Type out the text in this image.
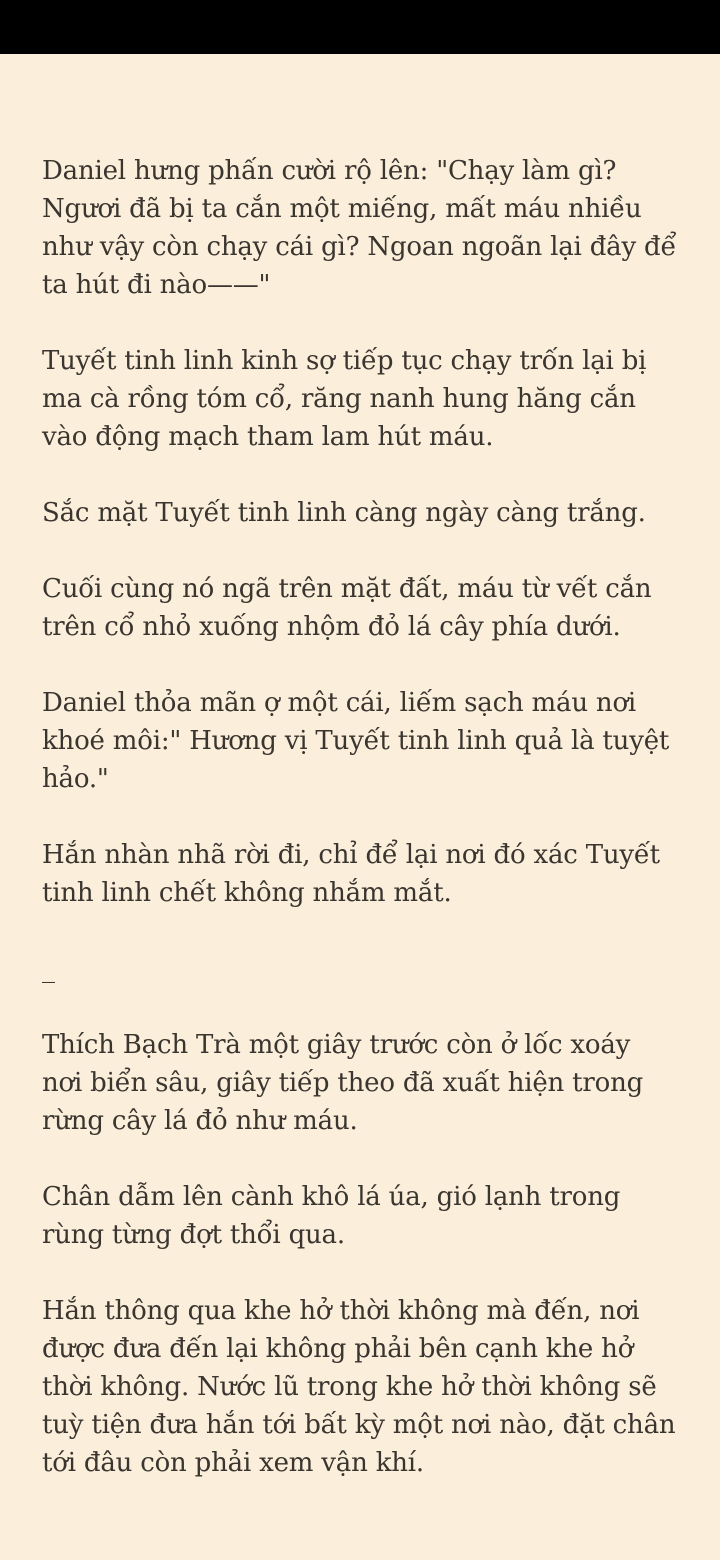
Daniel hưng phấn cười rộ lên: "Chạy làm gì? Ngươi đã bị ta cắn một miếng, mất máu nhiều như vậy còn chạy cái gì? Ngoan ngoãn lại đây để ta hút đi nào——"

Tuyết tinh linh kinh sợ tiếp tục chạy trốn lại bị ma cà rồng tóm cổ, răng nanh hung hăng cắn vào động mạch tham lam hút máu.

Sắc mặt Tuyết tinh linh càng ngày càng trắng.

Cuối cùng nó ngã trên mặt đất, máu từ vết cắn trên cổ nhỏ xuống nhộm đỏ lá cây phía dưới.

Daniel thỏa mãn ợ một cái, liếm sạch máu nơi khoé môi:" Hương vị Tuyết tinh linh quả là tuyệt hảo."

Hắn nhàn nhã rời đi, chỉ để lại nơi đó xác Tuyết tinh linh chết không nhắm mắt.

_

Thích Bạch Trà một giây trước còn ở lốc xoáy nơi biển sâu, giây tiếp theo đã xuất hiện trong rừng cây lá đỏ như máu.

Chân dẫm lên cành khô lá úa, gió lạnh trong rùng từng đợt thổi qua.

Hắn thông qua khe hở thời không mà đến, nơi được đưa đến lại không phải bên cạnh khe hở thời không. Nước lũ trong khe hở thời không sẽ tuỳ tiện đưa hắn tới bất kỳ một nơi nào, đặt chân tới đâu còn phải xem vận khí.
